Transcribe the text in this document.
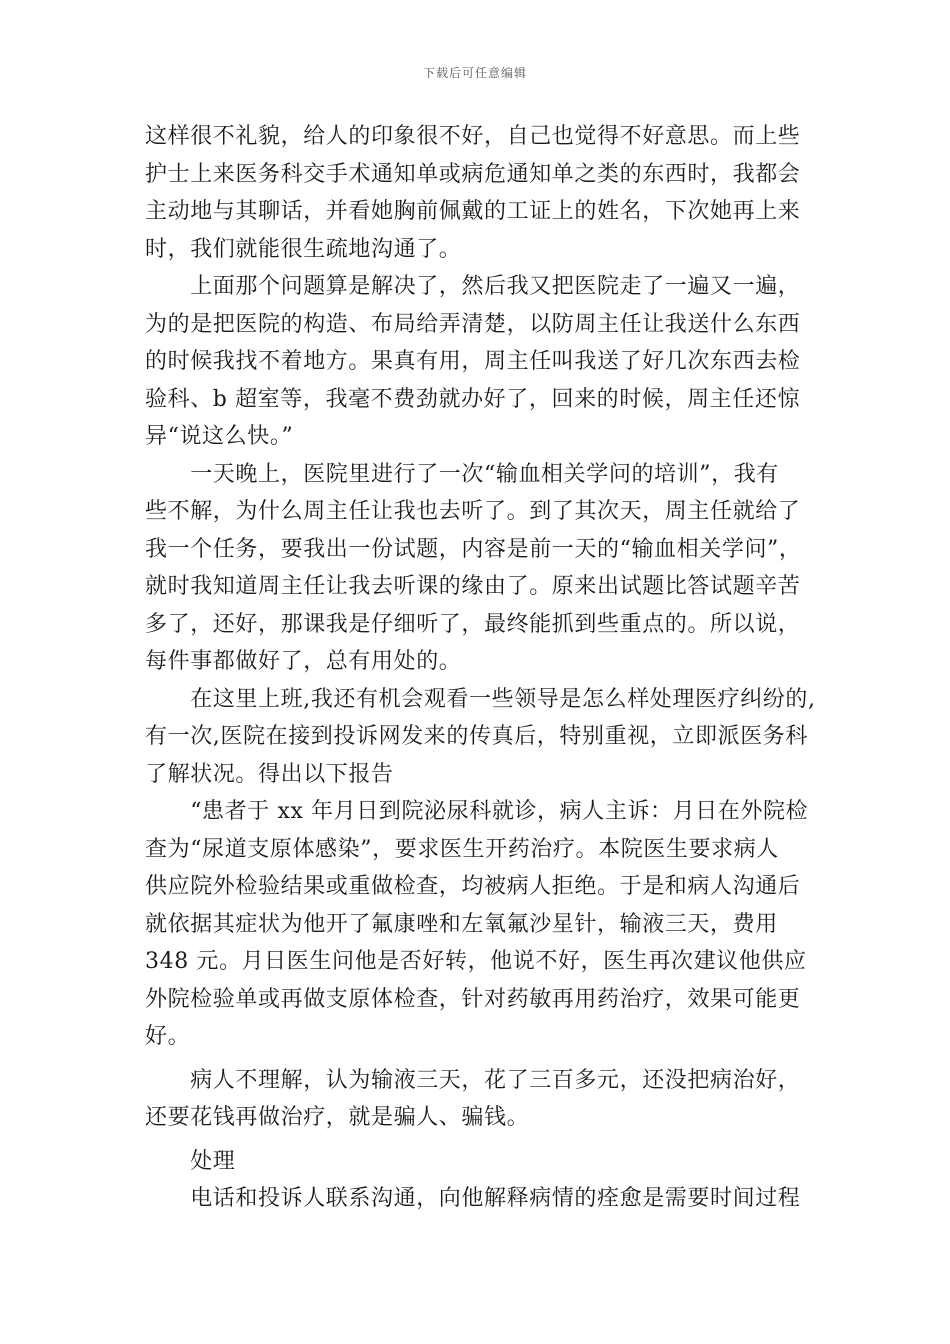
下载后可任意编辑
这样很不礼貌，给人的印象很不好，自己也觉得不好意思。而上些
护士上来医务科交手术通知单或病危通知单之类的东西时，我都会
主动地与其聊话，并看她胸前佩戴的工证上的姓名，下次她再上来
时，我们就能很生疏地沟通了。
　　上面那个问题算是解决了，然后我又把医院走了一遍又一遍，
为的是把医院的构造、布局给弄清楚，以防周主任让我送什么东西
的时候我找不着地方。果真有用，周主任叫我送了好几次东西去检
验科、b 超室等，我毫不费劲就办好了，回来的时候，周主任还惊
异“说这么快。”
　　一天晚上，医院里进行了一次“输血相关学问的培训”，我有
些不解，为什么周主任让我也去听了。到了其次天，周主任就给了
我一个任务，要我出一份试题，内容是前一天的“输血相关学问”，
就时我知道周主任让我去听课的缘由了。原来出试题比答试题辛苦
多了，还好，那课我是仔细听了，最终能抓到些重点的。所以说，
每件事都做好了，总有用处的。
　　在这里上班,我还有机会观看一些领导是怎么样处理医疗纠纷的,
有一次,医院在接到投诉网发来的传真后，特别重视，立即派医务科
了解状况。得出以下报告
　　“患者于 xx 年月日到院泌尿科就诊，病人主诉：月日在外院检
查为“尿道支原体感染”，要求医生开药治疗。本院医生要求病人
供应院外检验结果或重做检查，均被病人拒绝。于是和病人沟通后
就依据其症状为他开了氟康唑和左氧氟沙星针，输液三天，费用
348 元。月日医生问他是否好转，他说不好，医生再次建议他供应
外院检验单或再做支原体检查，针对药敏再用药治疗，效果可能更
好。
　　病人不理解，认为输液三天，花了三百多元，还没把病治好，
还要花钱再做治疗，就是骗人、骗钱。
　　处理
　　电话和投诉人联系沟通，向他解释病情的痊愈是需要时间过程
